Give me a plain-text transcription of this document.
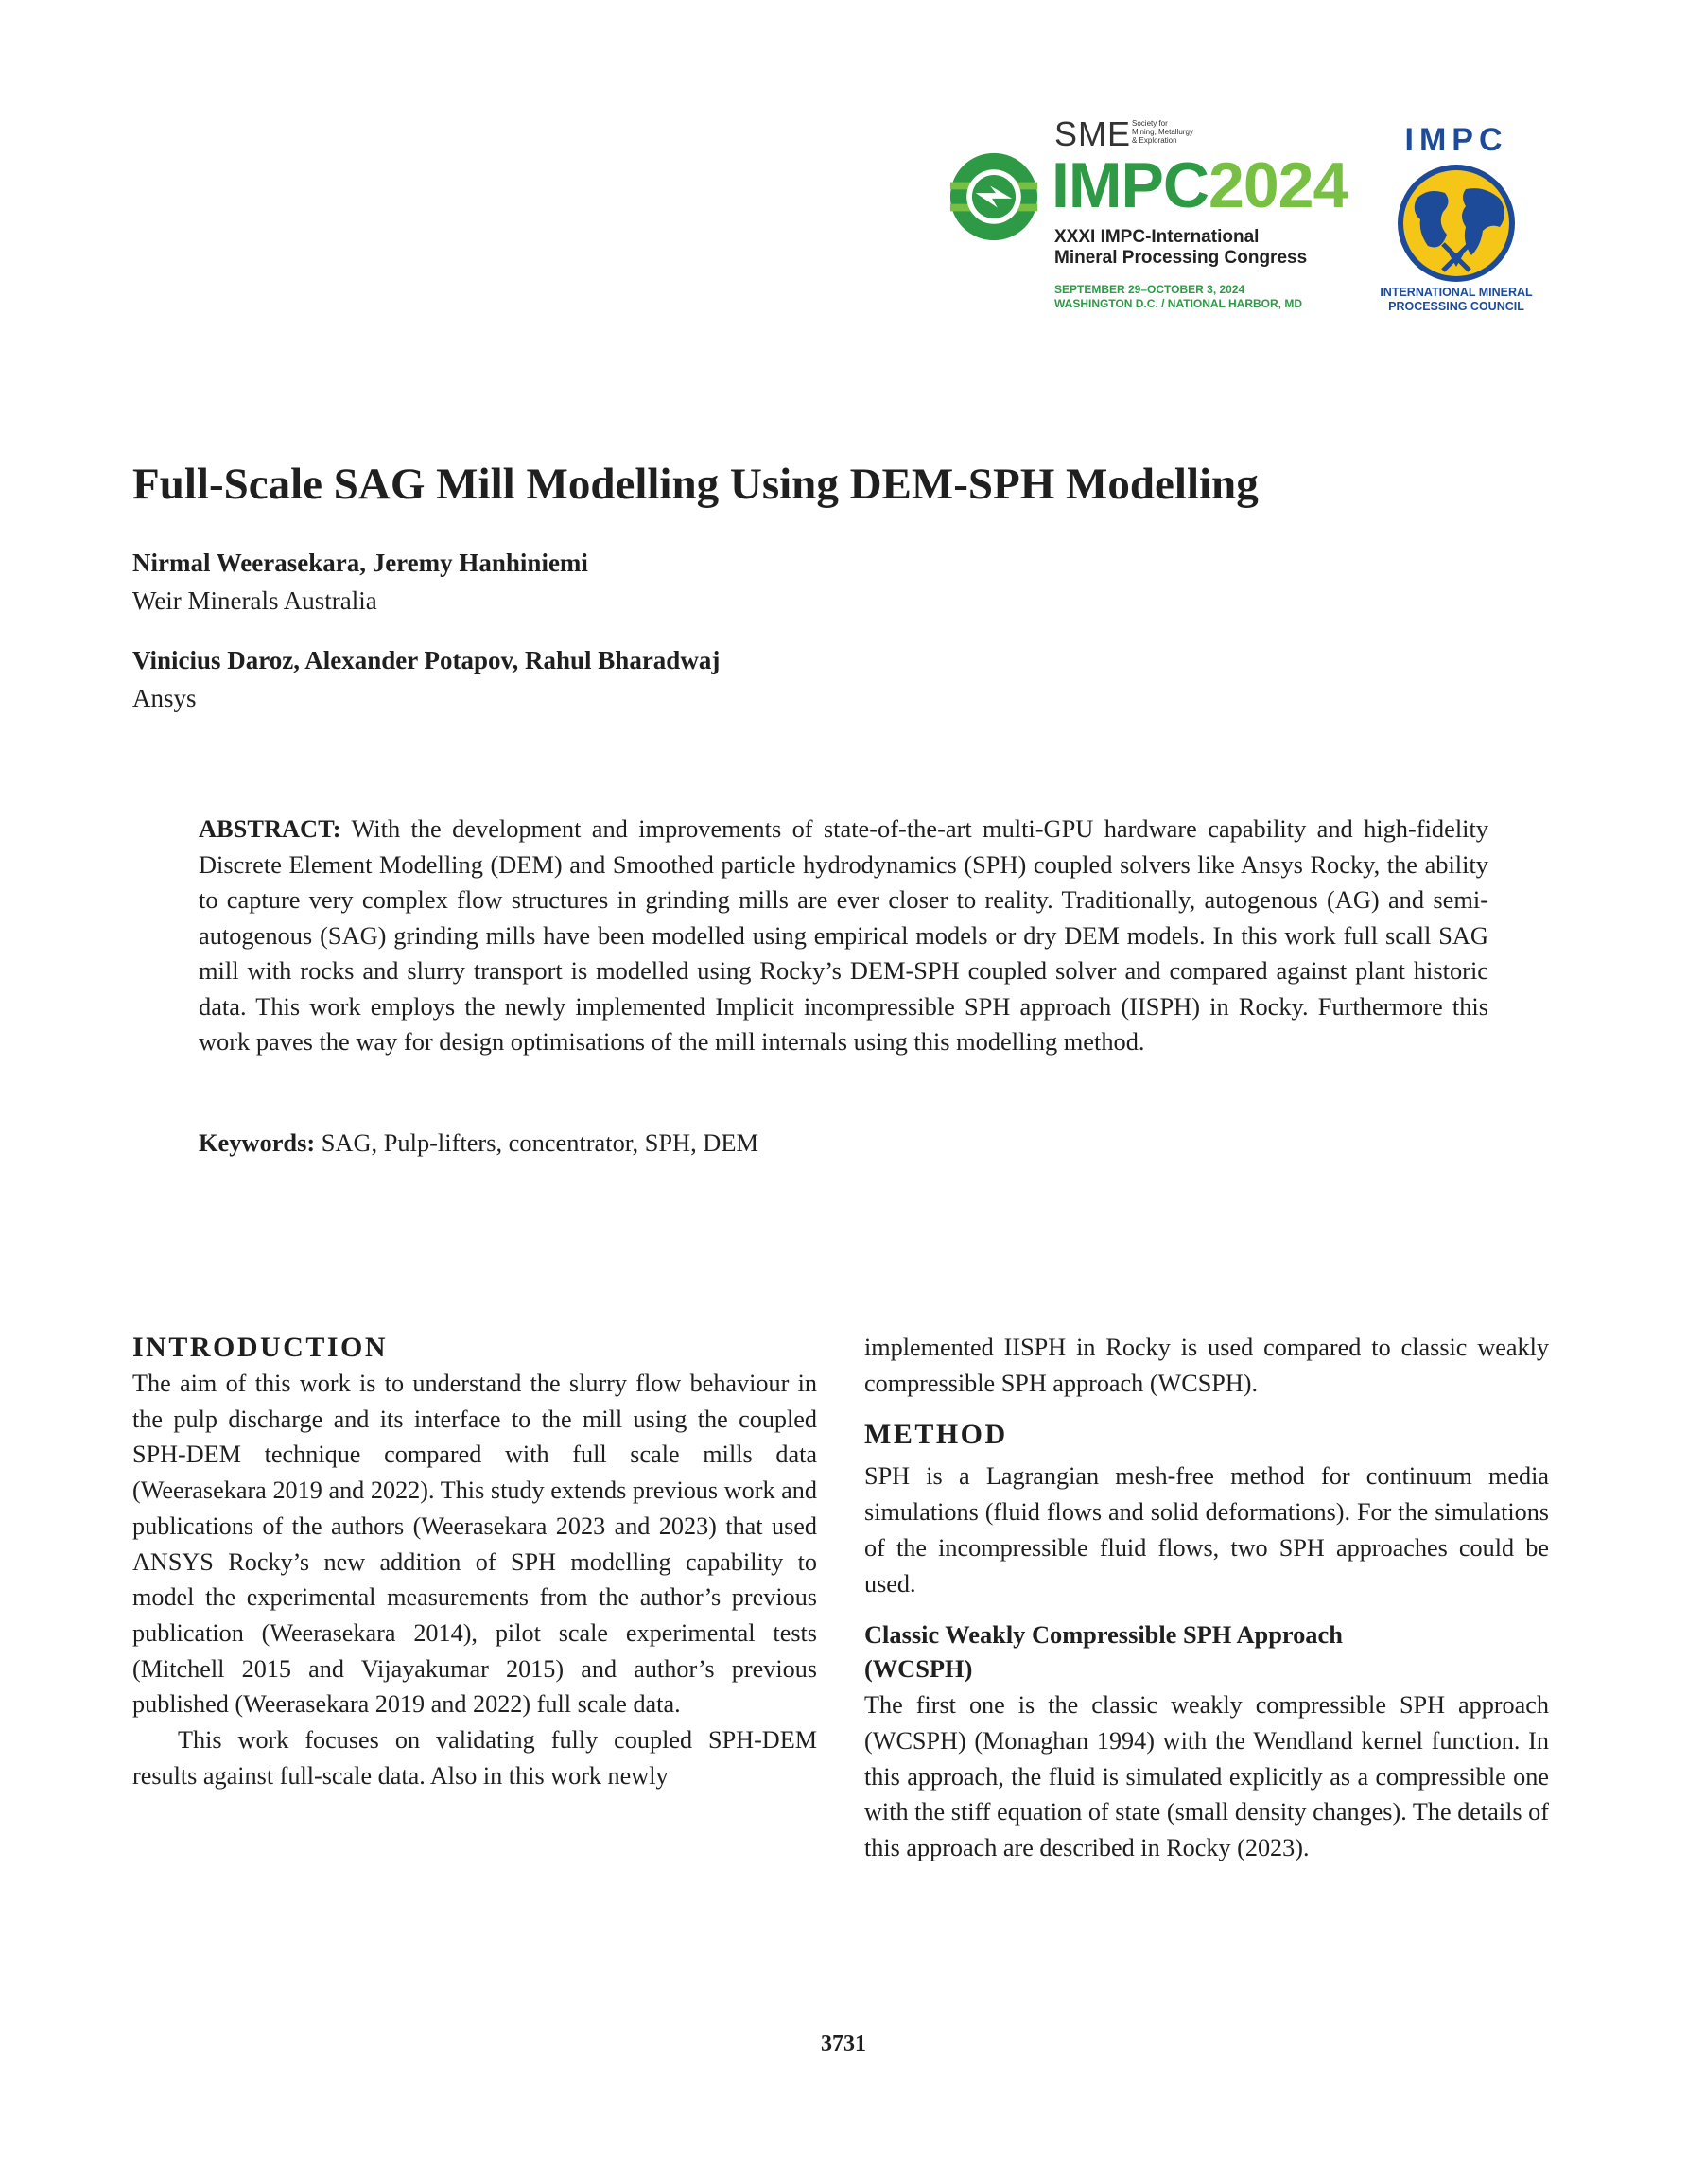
SME Society for
Mining, Metallurgy
& Exploration
IMPC2024
XXXI IMPC-International
Mineral Processing Congress
SEPTEMBER 29–OCTOBER 3, 2024
WASHINGTON D.C. / NATIONAL HARBOR, MD
IMPC
INTERNATIONAL MINERAL
PROCESSING COUNCIL
Full-Scale SAG Mill Modelling Using DEM-SPH Modelling
Nirmal Weerasekara, Jeremy Hanhiniemi
Weir Minerals Australia
Vinicius Daroz, Alexander Potapov, Rahul Bharadwaj
Ansys

ABSTRACT: With the development and improvements of state-of-the-art multi-GPU hardware capability and high-fidelity Discrete Element Modelling (DEM) and Smoothed particle hydrodynamics (SPH) coupled solvers like Ansys Rocky, the ability to capture very complex flow structures in grinding mills are ever closer to reality. Traditionally, autogenous (AG) and semi-autogenous (SAG) grinding mills have been modelled using empirical models or dry DEM models. In this work full scall SAG mill with rocks and slurry transport is modelled using Rocky’s DEM-SPH coupled solver and compared against plant historic data. This work employs the newly implemented Implicit incompressible SPH approach (IISPH) in Rocky. Furthermore this work paves the way for design optimisations of the mill internals using this modelling method.

Keywords: SAG, Pulp-lifters, concentrator, SPH, DEM

INTRODUCTION

The aim of this work is to understand the slurry flow behaviour in the pulp discharge and its interface to the mill using the coupled SPH-DEM technique compared with full scale mills data (Weerasekara 2019 and 2022). This study extends previous work and publications of the authors (Weerasekara 2023 and 2023) that used ANSYS Rocky’s new addition of SPH modelling capability to model the experimental measurements from the author’s previous publication (Weerasekara 2014), pilot scale experimental tests (Mitchell 2015 and Vijayakumar 2015) and author’s previous published (Weerasekara 2019 and 2022) full scale data.

This work focuses on validating fully coupled SPH-DEM results against full-scale data. Also in this work newly

implemented IISPH in Rocky is used compared to classic weakly compressible SPH approach (WCSPH).

METHOD

SPH is a Lagrangian mesh-free method for continuum media simulations (fluid flows and solid deformations). For the simulations of the incompressible fluid flows, two SPH approaches could be used.

Classic Weakly Compressible SPH Approach
(WCSPH)

The first one is the classic weakly compressible SPH approach (WCSPH) (Monaghan 1994) with the Wendland kernel function. In this approach, the fluid is simulated explicitly as a compressible one with the stiff equation of state (small density changes). The details of this approach are described in Rocky (2023).

3731
